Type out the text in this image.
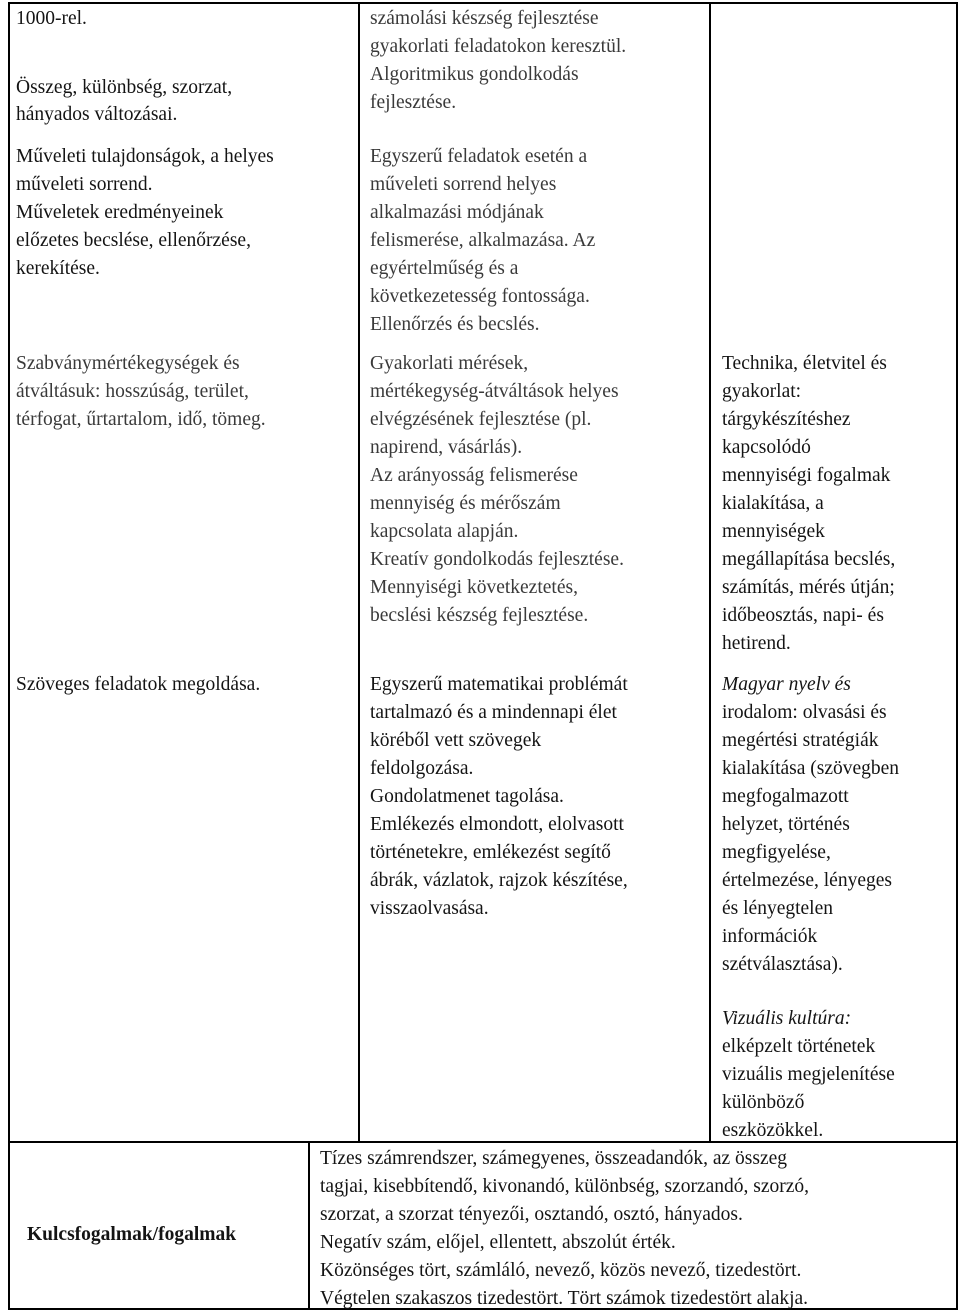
1000-rel.
Összeg, különbség, szorzat,
hányados változásai.
Műveleti tulajdonságok, a helyes
műveleti sorrend.
Műveletek eredményeinek
előzetes becslése, ellenőrzése,
kerekítése.
számolási készség fejlesztése
gyakorlati feladatokon keresztül.
Algoritmikus gondolkodás
fejlesztése.
Egyszerű feladatok esetén a
műveleti sorrend helyes
alkalmazási módjának
felismerése, alkalmazása. Az
egyértelműség és a
következetesség fontossága.
Ellenőrzés és becslés.
Szabványmértékegységek és
átváltásuk: hosszúság, terület,
térfogat, űrtartalom, idő, tömeg.
Gyakorlati mérések,
mértékegység-átváltások helyes
elvégzésének fejlesztése (pl.
napirend, vásárlás).
Az arányosság felismerése
mennyiség és mérőszám
kapcsolata alapján.
Kreatív gondolkodás fejlesztése.
Mennyiségi következtetés,
becslési készség fejlesztése.
Technika, életvitel és
gyakorlat:
tárgykészítéshez
kapcsolódó
mennyiségi fogalmak
kialakítása, a
mennyiségek
megállapítása becslés,
számítás, mérés útján;
időbeosztás, napi- és
hetirend.
Szöveges feladatok megoldása.	Egyszerű matematikai problémát
tartalmazó és a mindennapi élet
köréből vett szövegek
feldolgozása.
Gondolatmenet tagolása.
Emlékezés elmondott, elolvasott
történetekre, emlékezést segítő
ábrák, vázlatok, rajzok készítése,
visszaolvasása.
Magyar nyelv és
irodalom: olvasási és
megértési stratégiák
kialakítása (szövegben
megfogalmazott
helyzet, történés
megfigyelése,
értelmezése, lényeges
és lényegtelen
információk
szétválasztása).
Vizuális kultúra:
elképzelt történetek
vizuális megjelenítése
különböző
eszközökkel.
Kulcsfogalmak/fogalmak
Tízes számrendszer, számegyenes, összeadandók, az összeg
tagjai, kisebbítendő, kivonandó, különbség, szorzandó, szorzó,
szorzat, a szorzat tényezői, osztandó, osztó, hányados.
Negatív szám, előjel, ellentett, abszolút érték.
Közönséges tört, számláló, nevező, közös nevező, tizedestört.
Végtelen szakaszos tizedestört. Tört számok tizedestört alakja.
